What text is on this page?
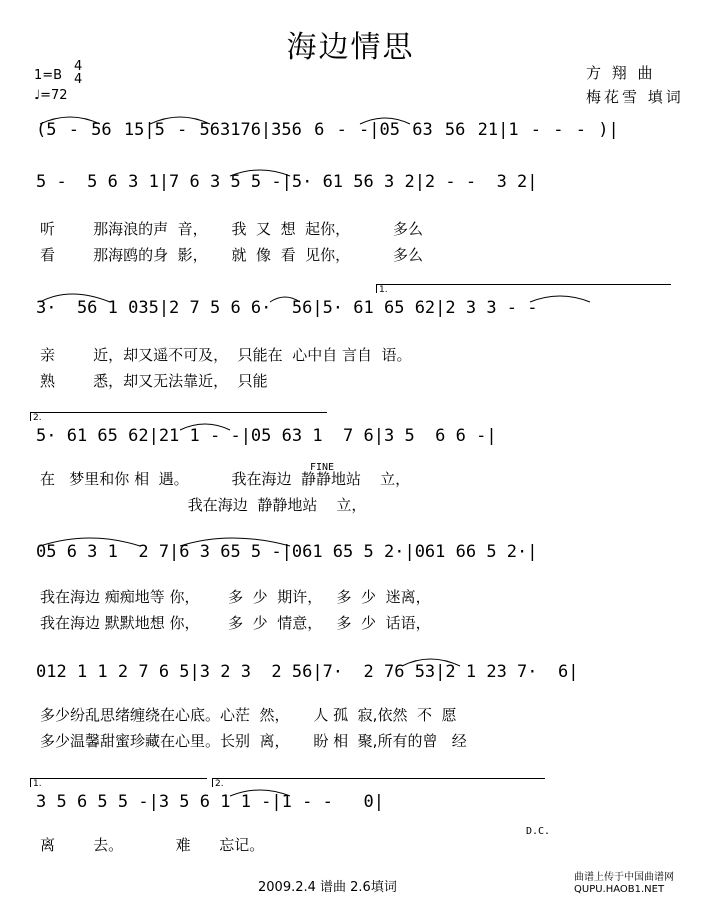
海边情思
1=B
4
4
♩=72
方 翔 曲
梅花雪 填词
(5 - 56 15|5 - 563176|356 6 - -|05 63 56 21|1 - - - )|
5 -  5 6 3 1|7 6 3 5 5 -|5· 61 56 3 2|2 - -  3 2|
听        那海浪的声  音，     我  又  想  起你，         多么
看        那海鸥的身  影，     就  像  看  见你，         多么
1.
3·  56 1 035|2 7 5 6 6·  56|5· 61 65 62|2 3 3 - -
亲        近，却又遥不可及，  只能在  心中自 言自  语。
熟        悉，却又无法靠近，  只能
2.
5· 61 65 62|21 1 - -|05 63 1  7 6|3 5  6 6 -|
FINE
在   梦里和你 相  遇。         我在海边  静静地站    立，
我在海边  静静地站    立，
05 6 3 1  2 7|6 3 65 5 -|061 65 5 2·|061 66 5 2·|
我在海边 痴痴地等 你，      多  少  期许，   多  少  迷离，
我在海边 默默地想 你，      多  少  情意，   多  少  话语，
012 1 1 2 7 6 5|3 2 3  2 56|7·  2 76 53|2 1 23 7·  6|
多少纷乱思绪缠绕在心底。心茫  然，     人 孤  寂,依然  不  愿
多少温馨甜蜜珍藏在心里。长别  离，     盼 相  聚,所有的曾   经
1.	2.
3 5 6 5 5 -|3 5 6 1 1 -|1 - -   0|
D.C.
离        去。           难      忘记。
2009.2.4 谱曲 2.6填词
曲谱上传于中国曲谱网
QUPU.HAOB1.NET
